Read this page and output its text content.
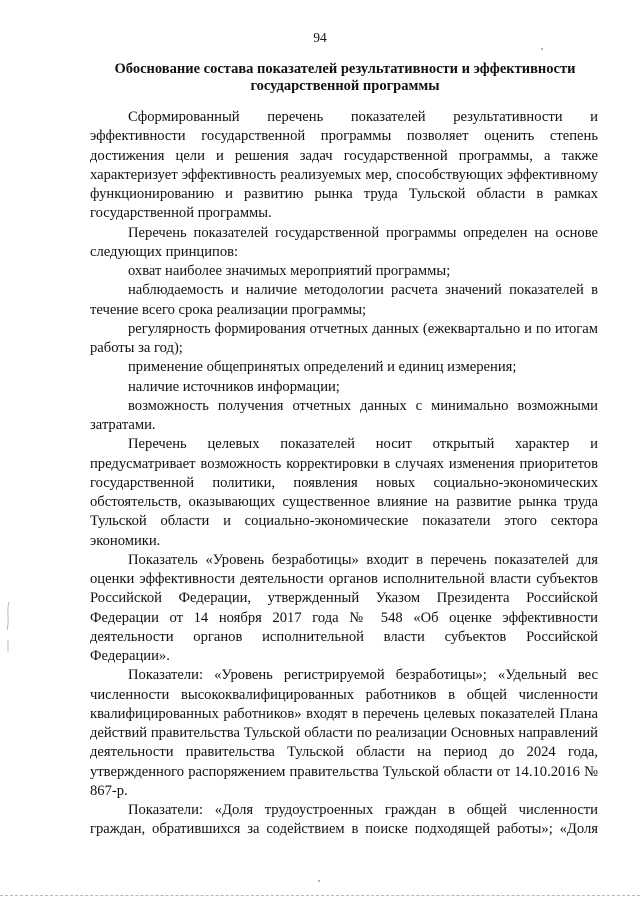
94
Обоснование состава показателей результативности и эффективности государственной программы

Сформированный перечень показателей результативности и эффективности государственной программы позволяет оценить степень достижения цели и решения задач государственной программы, а также характеризует эффективность реализуемых мер, способствующих эффективному функционированию и развитию рынка труда Тульской области в рамках государственной программы.

Перечень показателей государственной программы определен на основе следующих принципов:

охват наиболее значимых мероприятий программы;

наблюдаемость и наличие методологии расчета значений показателей в течение всего срока реализации программы;

регулярность формирования отчетных данных (ежеквартально и по итогам работы за год);

применение общепринятых определений и единиц измерения;

наличие источников информации;

возможность получения отчетных данных с минимально возможными затратами.

Перечень целевых показателей носит открытый характер и предусматривает возможность корректировки в случаях изменения приоритетов государственной политики, появления новых социально-экономических обстоятельств, оказывающих существенное влияние на развитие рынка труда Тульской области и социально-экономические показатели этого сектора экономики.

Показатель «Уровень безработицы» входит в перечень показателей для оценки эффективности деятельности органов исполнительной власти субъектов Российской Федерации, утвержденный Указом Президента Российской Федерации от 14 ноября 2017 года № 548 «Об оценке эффективности деятельности органов исполнительной власти субъектов Российской Федерации».

Показатели: «Уровень регистрируемой безработицы»; «Удельный вес численности высококвалифицированных работников в общей численности квалифицированных работников» входят в перечень целевых показателей Плана действий правительства Тульской области по реализации Основных направлений деятельности правительства Тульской области на период до 2024 года, утвержденного распоряжением правительства Тульской области от 14.10.2016 № 867-р.

Показатели: «Доля трудоустроенных граждан в общей численности граждан, обратившихся за содействием в поиске подходящей работы»; «Доля
